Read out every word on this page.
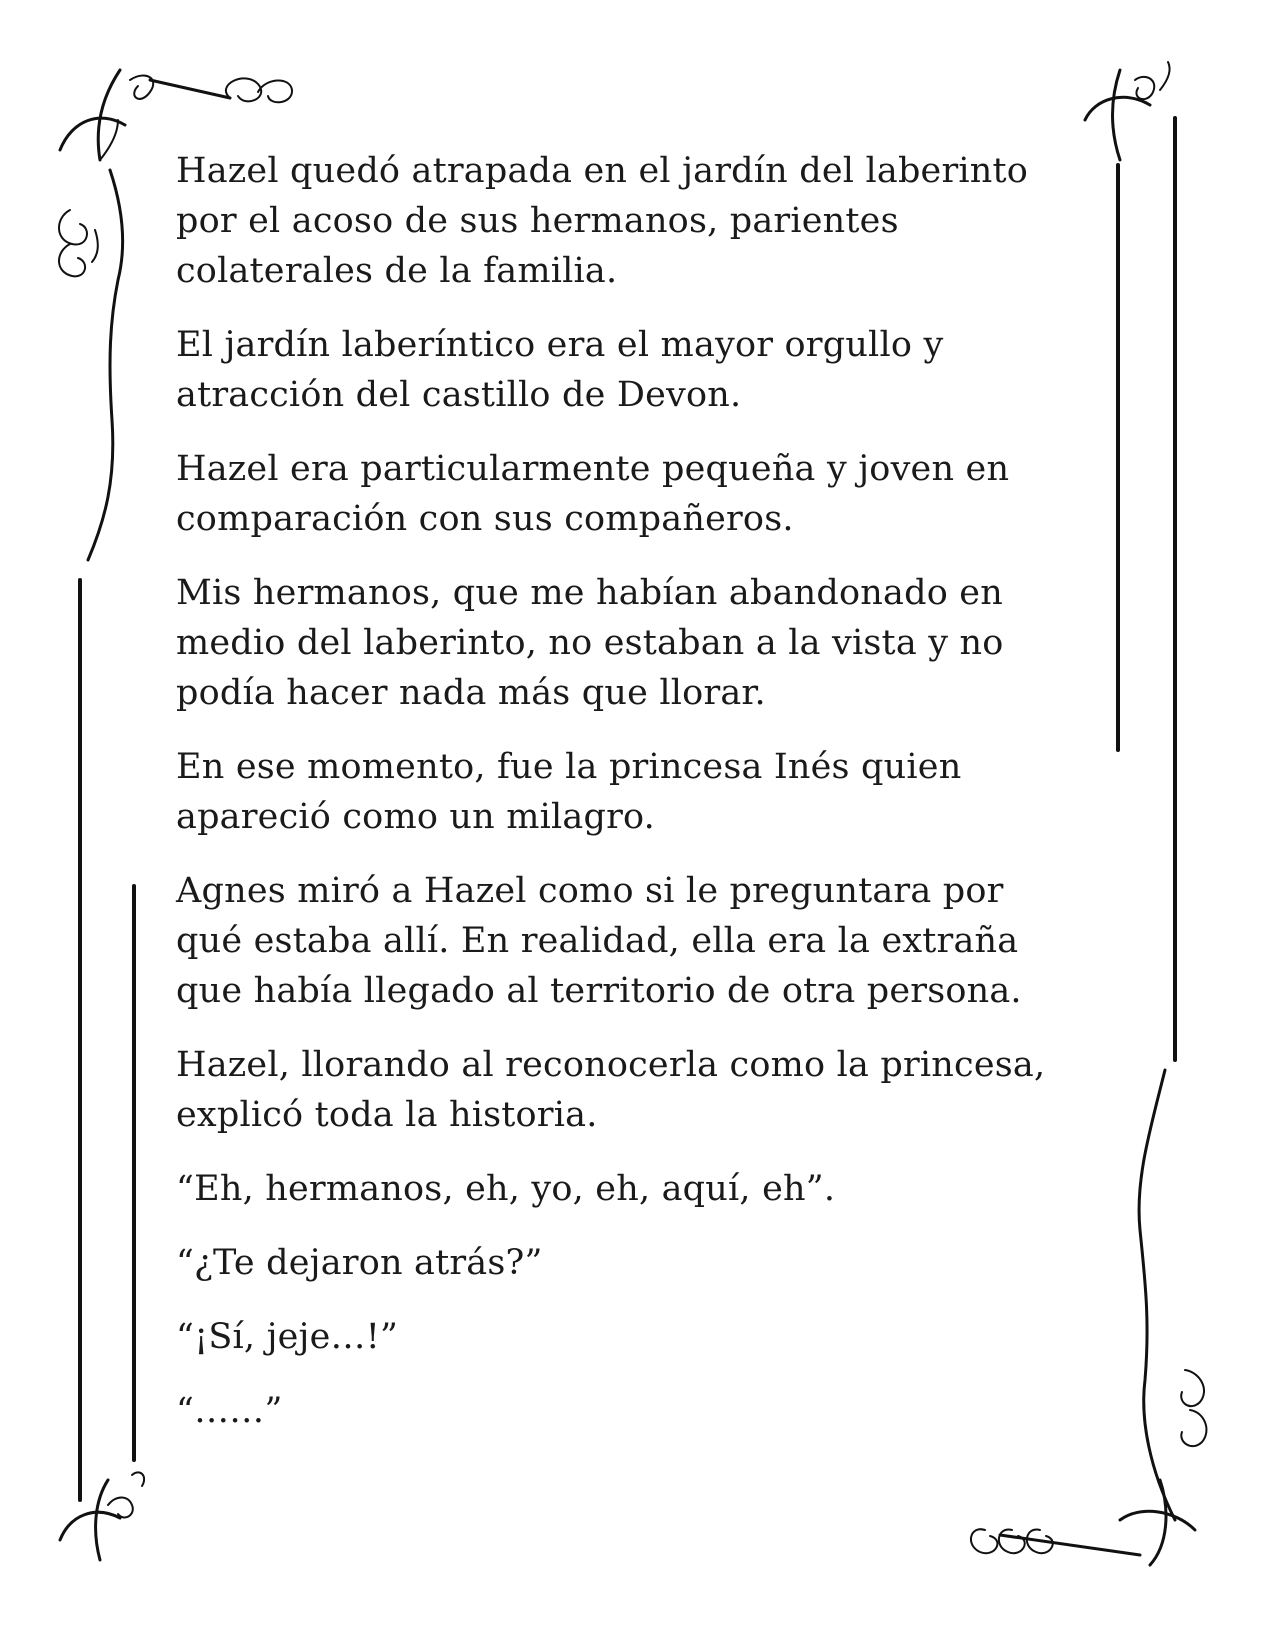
Hazel quedó atrapada en el jardín del laberinto
por el acoso de sus hermanos, parientes
colaterales de la familia.

El jardín laberíntico era el mayor orgullo y
atracción del castillo de Devon.

Hazel era particularmente pequeña y joven en
comparación con sus compañeros.

Mis hermanos, que me habían abandonado en
medio del laberinto, no estaban a la vista y no
podía hacer nada más que llorar.

En ese momento, fue la princesa Inés quien
apareció como un milagro.

Agnes miró a Hazel como si le preguntara por
qué estaba allí. En realidad, ella era la extraña
que había llegado al territorio de otra persona.

Hazel, llorando al reconocerla como la princesa,
explicó toda la historia.

“Eh, hermanos, eh, yo, eh, aquí, eh”.

“¿Te dejaron atrás?”

“¡Sí, jeje…!”

“……”
